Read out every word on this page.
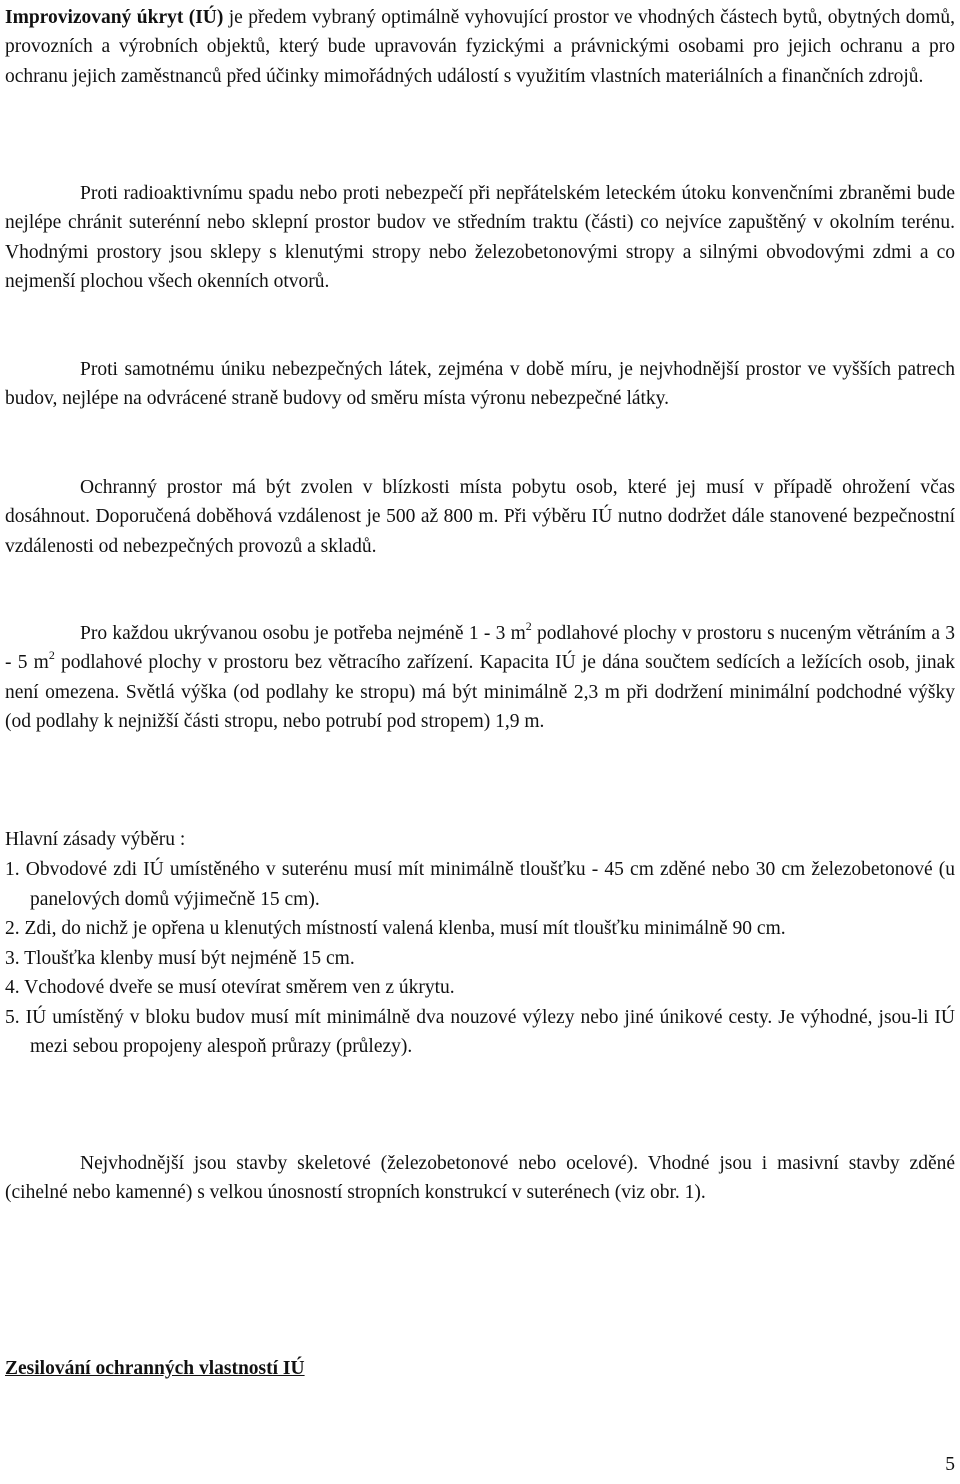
Improvizovaný úkryt (IÚ) je předem vybraný optimálně vyhovující prostor ve vhodných částech bytů, obytných domů, provozních a výrobních objektů, který bude upravován fyzickými a právnickými osobami pro jejich ochranu a pro ochranu jejich zaměstnanců před účinky mimořádných událostí s využitím vlastních materiálních a finančních zdrojů.

Proti radioaktivnímu spadu nebo proti nebezpečí při nepřátelském leteckém útoku konvenčními zbraněmi bude nejlépe chránit suterénní nebo sklepní prostor budov ve středním traktu (části) co nejvíce zapuštěný v okolním terénu. Vhodnými prostory jsou sklepy s klenutými stropy nebo železobetonovými stropy a silnými obvodovými zdmi a co nejmenší plochou všech okenních otvorů.

Proti samotnému úniku nebezpečných látek, zejména v době míru, je nejvhodnější prostor ve vyšších patrech budov, nejlépe na odvrácené straně budovy od směru místa výronu nebezpečné látky.

Ochranný prostor má být zvolen v blízkosti místa pobytu osob, které jej musí v případě ohrožení včas dosáhnout. Doporučená doběhová vzdálenost je 500 až 800 m. Při výběru IÚ nutno dodržet dále stanovené bezpečnostní vzdálenosti od nebezpečných provozů a skladů.

Pro každou ukrývanou osobu je potřeba nejméně 1 - 3 $m^2$ podlahové plochy v prostoru s nuceným větráním a 3 - 5 $m^2$ podlahové plochy v prostoru bez větracího zařízení. Kapacita IÚ je dána součtem sedících a ležících osob, jinak není omezena. Světlá výška (od podlahy ke stropu) má být minimálně 2,3 m při dodržení minimální podchodné výšky (od podlahy k nejnižší části stropu, nebo potrubí pod stropem) 1,9 m.

Hlavní zásady výběru :

1. Obvodové zdi IÚ umístěného v suterénu musí mít minimálně tloušťku - 45 cm zděné nebo 30 cm železobetonové (u panelových domů výjimečně 15 cm).
2. Zdi, do nichž je opřena u klenutých místností valená klenba, musí mít tloušťku minimálně 90 cm.
3. Tloušťka klenby musí být nejméně 15 cm.
4. Vchodové dveře se musí otevírat směrem ven z úkrytu.
5. IÚ umístěný v bloku budov musí mít minimálně dva nouzové výlezy nebo jiné únikové cesty. Je výhodné, jsou-li IÚ mezi sebou propojeny alespoň průrazy (průlezy).

Nejvhodnější jsou stavby skeletové (železobetonové nebo ocelové). Vhodné jsou i masivní stavby zděné (cihelné nebo kamenné) s velkou únosností stropních konstrukcí v suterénech (viz obr. 1).

Zesilování ochranných vlastností IÚ

5
